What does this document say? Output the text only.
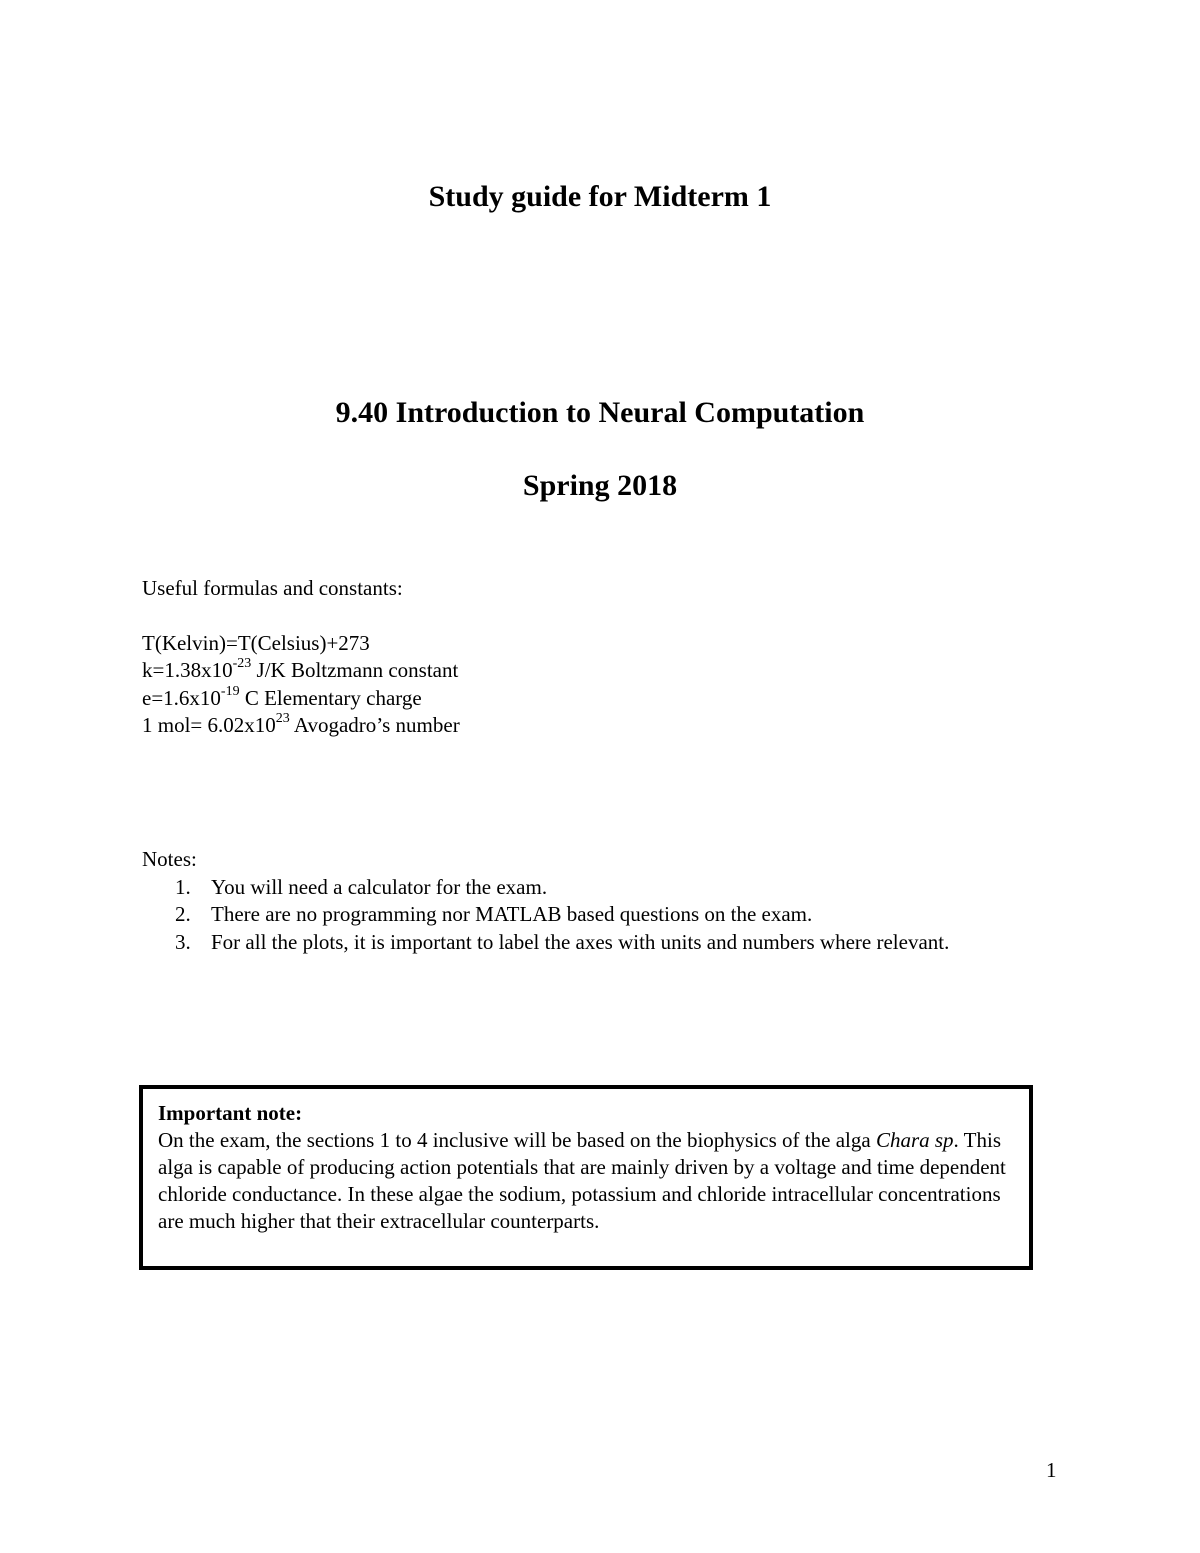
Study guide for Midterm 1
9.40 Introduction to Neural Computation
Spring 2018
Useful formulas and constants:
T(Kelvin)=T(Celsius)+273
$k=1.38x10^{-23}$ J/K Boltzmann constant
$e=1.6x10^{-19}$ C Elementary charge
1 $mol= 6.02x10^{23}$ Avogadro’s number
Notes:
1. You will need a calculator for the exam.
2. There are no programming nor MATLAB based questions on the exam.
3. For all the plots, it is important to label the axes with units and numbers where relevant.
Important note:

On the exam, the sections 1 to 4 inclusive will be based on the biophysics of the alga Chara sp. This alga is capable of producing action potentials that are mainly driven by a voltage and time dependent chloride conductance. In these algae the sodium, potassium and chloride intracellular concentrations are much higher that their extracellular counterparts.

1
